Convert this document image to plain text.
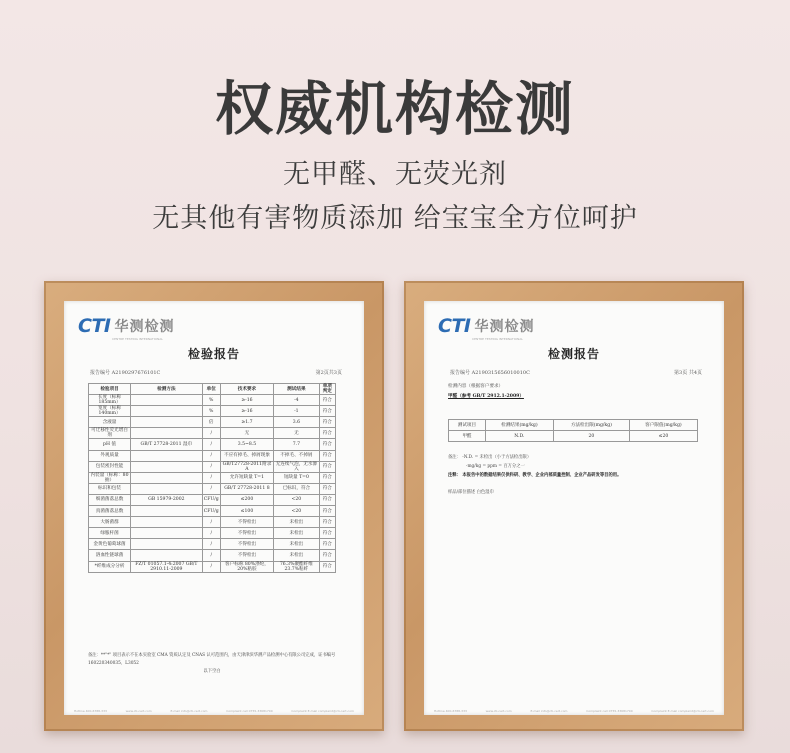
权威机构检测
无甲醛、无荧光剂
无其他有害物质添加 给宝宝全方位呵护
CTI 华测检测
CENTRE TESTING INTERNATIONAL
检验报告
报告编号 A2190297676101C	第2页共3页
检验项目	检测方法	单位	技术要求	测试结果	单项判定
长度（标称 185mm）		%	≥-16	-4	符合
宽度（标称 140mm）		%	≥-16	-1	符合
含液量		倍	≥1.7	3.6	符合
可迁移性荧光增白剂		/	无	无	符合
pH 值	GB/T 27728-2011 湿巾	/	3.5~8.5	7.7	符合
外观质量		/	不应有掉毛、掉屑现象	不掉毛、不掉屑	符合
包装密封性能		/	GB/T27728-2011附录 A	无连续气泡，无水渗入	符合
内装量（标称：80 抽）		/	允许短缺量 T=1	短缺量 T=0	符合
标识和包装		/	GB/T 27728-2011 8	已标识，符合	符合
细菌菌落总数	GB 15979-2002	CFU/g	≤200	<20	符合
真菌菌落总数		CFU/g	≤100	<20	符合
大肠菌群		/	不得检出	未检出	符合
绿脓杆菌		/	不得检出	未检出	符合
金黄色葡萄球菌		/	不得检出	未检出	符合
溶血性链球菌		/	不得检出	未检出	符合
*纤维成分分析	FZ/T 01057.1-4:2007 GB/T 2910.11-2009	/	客户标称 80%涤纶，20%粘胶	76.3%聚酯纤维 23.7%粘纤	符合
备注：**"*" 项目表示不在本实验室 CMA 资质认定及 CNAS 认可范围内，由天津津滨华测产品检测中心有限公司完成，证书编号 160220340035、L3052
以下空白
Hotline 400-6788-333	www.cti-cert.com	E-mail info@cti-cert.com	Complaint call 0755-33681700	Complaint E-mail complaint@cti-cert.com
CTI 华测检测
CENTRE TESTING INTERNATIONAL
检测报告
报告编号 A2190315656010010C	第3页 共4页
检测内容（根据客户要求）
甲醛（参考 GB/T 2912.1-2009）
测试项目	检测结果(mg/kg)	方法检出限(mg/kg)	客户限值(mg/kg)
甲醛	N.D.	20	≤20
备注： -N.D. = 未检出（小于方法检出限）
-mg/kg = ppm = 百万分之一
注释： 本报告中的数据结果仅供科研、教学、企业内部质量控制、企业产品研发等目的用。
样品/部位描述 白色湿巾
Hotline 400-6788-333	www.cti-cert.com	E-mail info@cti-cert.com	Complaint call 0755-33681700	Complaint E-mail complaint@cti-cert.com
